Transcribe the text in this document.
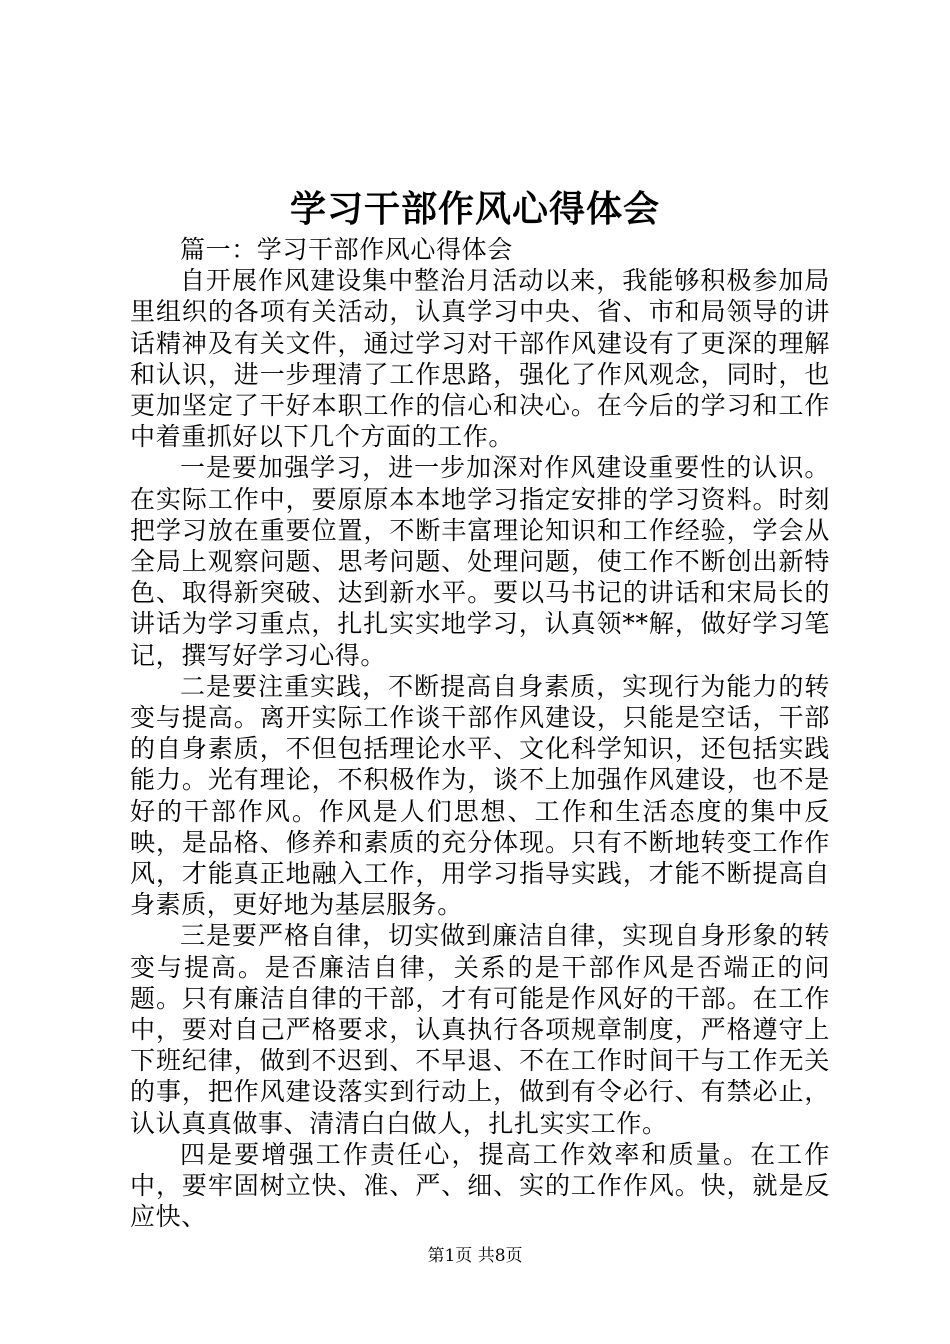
学习干部作风心得体会

篇一：学习干部作风心得体会

自开展作风建设集中整治月活动以来，我能够积极参加局里组织的各项有关活动，认真学习中央、省、市和局领导的讲话精神及有关文件，通过学习对干部作风建设有了更深的理解和认识，进一步理清了工作思路，强化了作风观念，同时，也更加坚定了干好本职工作的信心和决心。在今后的学习和工作中着重抓好以下几个方面的工作。

一是要加强学习，进一步加深对作风建设重要性的认识。在实际工作中，要原原本本地学习指定安排的学习资料。时刻把学习放在重要位置，不断丰富理论知识和工作经验，学会从全局上观察问题、思考问题、处理问题，使工作不断创出新特色、取得新突破、达到新水平。要以马书记的讲话和宋局长的讲话为学习重点，扎扎实实地学习，认真领**解，做好学习笔记，撰写好学习心得。

二是要注重实践，不断提高自身素质，实现行为能力的转变与提高。离开实际工作谈干部作风建设，只能是空话，干部的自身素质，不但包括理论水平、文化科学知识，还包括实践能力。光有理论，不积极作为，谈不上加强作风建设，也不是好的干部作风。作风是人们思想、工作和生活态度的集中反映，是品格、修养和素质的充分体现。只有不断地转变工作作风，才能真正地融入工作，用学习指导实践，才能不断提高自身素质，更好地为基层服务。

三是要严格自律，切实做到廉洁自律，实现自身形象的转变与提高。是否廉洁自律，关系的是干部作风是否端正的问题。只有廉洁自律的干部，才有可能是作风好的干部。在工作中，要对自己严格要求，认真执行各项规章制度，严格遵守上下班纪律，做到不迟到、不早退、不在工作时间干与工作无关的事，把作风建设落实到行动上，做到有令必行、有禁必止，认认真真做事、清清白白做人，扎扎实实工作。

四是要增强工作责任心，提高工作效率和质量。在工作中，要牢固树立快、准、严、细、实的工作作风。快，就是反应快、

第1页 共8页
